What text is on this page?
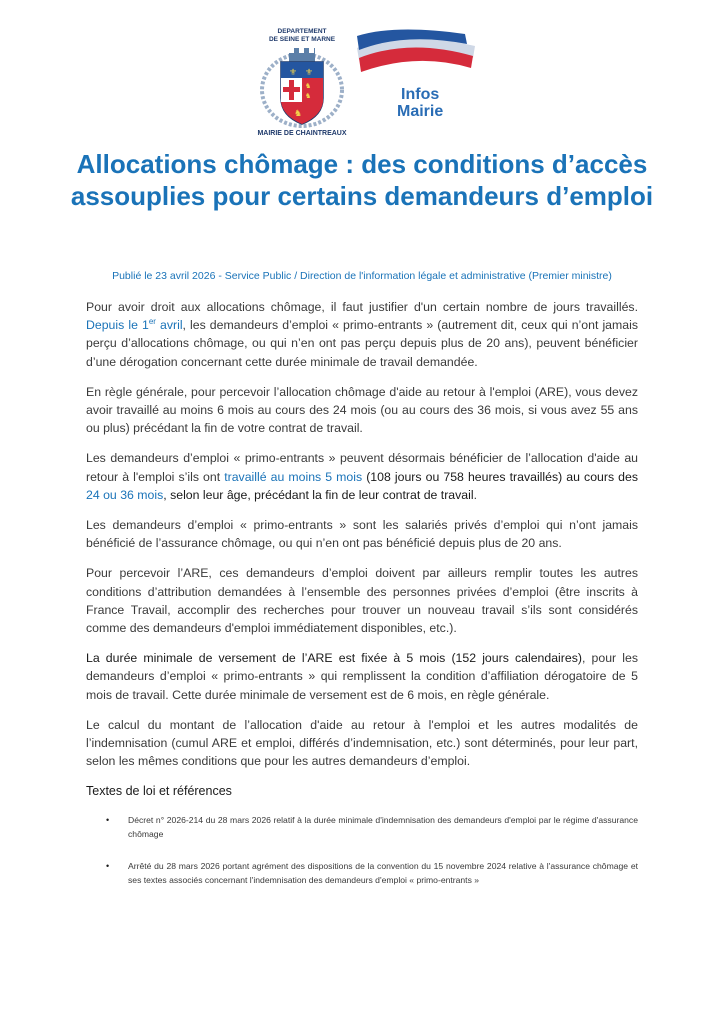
DEPARTEMENT
DE SEINE ET MARNE
⚜ ⚜
♞
♞
♞
MAIRIE DE CHAINTREAUX
Infos
Mairie
Allocations chômage : des conditions d’accès assouplies pour certains demandeurs d’emploi
Publié le 23 avril 2026 - Service Public / Direction de l'information légale et administrative (Premier ministre)

Pour avoir droit aux allocations chômage, il faut justifier d'un certain nombre de jours travaillés. Depuis le 1er avril, les demandeurs d’emploi « primo-entrants » (autrement dit, ceux qui n’ont jamais perçu d’allocations chômage, ou qui n’en ont pas perçu depuis plus de 20 ans), peuvent bénéficier d’une dérogation concernant cette durée minimale de travail demandée.

En règle générale, pour percevoir l’allocation chômage d'aide au retour à l'emploi (ARE), vous devez avoir travaillé au moins 6 mois au cours des 24 mois (ou au cours des 36 mois, si vous avez 55 ans ou plus) précédant la fin de votre contrat de travail.

Les demandeurs d’emploi « primo-entrants » peuvent désormais bénéficier de l’allocation d'aide au retour à l'emploi s’ils ont travaillé au moins 5 mois (108 jours ou 758 heures travaillés) au cours des 24 ou 36 mois, selon leur âge, précédant la fin de leur contrat de travail.

Les demandeurs d’emploi « primo-entrants » sont les salariés privés d’emploi qui n’ont jamais bénéficié de l’assurance chômage, ou qui n’en ont pas bénéficié depuis plus de 20 ans.

Pour percevoir l’ARE, ces demandeurs d’emploi doivent par ailleurs remplir toutes les autres conditions d’attribution demandées à l’ensemble des personnes privées d’emploi (être inscrits à France Travail, accomplir des recherches pour trouver un nouveau travail s’ils sont considérés comme des demandeurs d'emploi immédiatement disponibles, etc.).

La durée minimale de versement de l’ARE est fixée à 5 mois (152 jours calendaires), pour les demandeurs d’emploi « primo-entrants » qui remplissent la condition d’affiliation dérogatoire de 5 mois de travail. Cette durée minimale de versement est de 6 mois, en règle générale.

Le calcul du montant de l’allocation d'aide au retour à l'emploi et les autres modalités de l’indemnisation (cumul ARE et emploi, différés d’indemnisation, etc.) sont déterminés, pour leur part, selon les mêmes conditions que pour les autres demandeurs d’emploi.

Textes de loi et références
• Décret n° 2026-214 du 28 mars 2026 relatif à la durée minimale d'indemnisation des demandeurs d'emploi par le régime d'assurance chômage
• Arrêté du 28 mars 2026 portant agrément des dispositions de la convention du 15 novembre 2024 relative à l'assurance chômage et ses textes associés concernant l'indemnisation des demandeurs d'emploi « primo-entrants »
